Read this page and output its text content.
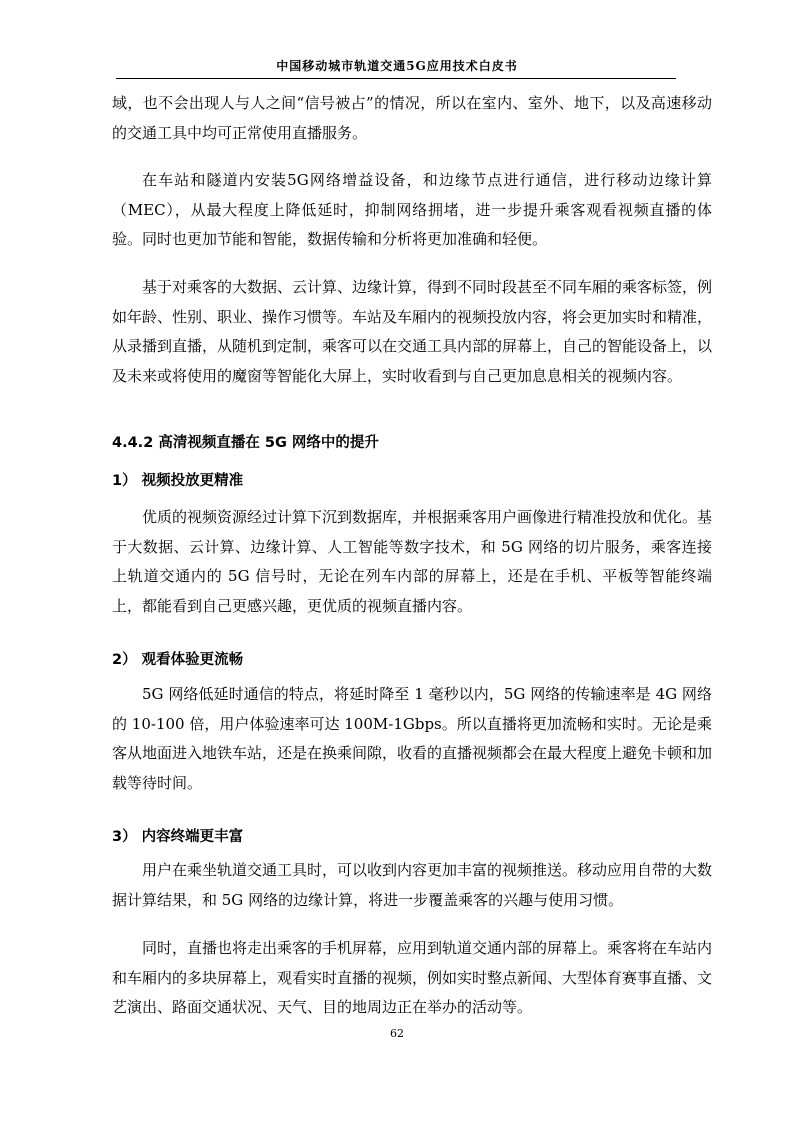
中国移动城市轨道交通5G应用技术白皮书

域，也不会出现人与人之间“信号被占”的情况，所以在室内、室外、地下，以及高速移动的交通工具中均可正常使用直播服务。

在车站和隧道内安装5G网络增益设备，和边缘节点进行通信，进行移动边缘计算（MEC），从最大程度上降低延时，抑制网络拥堵，进一步提升乘客观看视频直播的体验。同时也更加节能和智能，数据传输和分析将更加准确和轻便。

基于对乘客的大数据、云计算、边缘计算，得到不同时段甚至不同车厢的乘客标签，例如年龄、性别、职业、操作习惯等。车站及车厢内的视频投放内容，将会更加实时和精准，从录播到直播，从随机到定制，乘客可以在交通工具内部的屏幕上，自己的智能设备上，以及未来或将使用的魔窗等智能化大屏上，实时收看到与自己更加息息相关的视频内容。

4.4.2 高清视频直播在 5G 网络中的提升
1） 视频投放更精准

优质的视频资源经过计算下沉到数据库，并根据乘客用户画像进行精准投放和优化。基于大数据、云计算、边缘计算、人工智能等数字技术，和 5G 网络的切片服务，乘客连接上轨道交通内的 5G 信号时，无论在列车内部的屏幕上，还是在手机、平板等智能终端上，都能看到自己更感兴趣，更优质的视频直播内容。

2） 观看体验更流畅

5G 网络低延时通信的特点，将延时降至 1 毫秒以内，5G 网络的传输速率是 4G 网络的 10-100 倍，用户体验速率可达 100M-1Gbps。所以直播将更加流畅和实时。无论是乘客从地面进入地铁车站，还是在换乘间隙，收看的直播视频都会在最大程度上避免卡顿和加载等待时间。

3） 内容终端更丰富

用户在乘坐轨道交通工具时，可以收到内容更加丰富的视频推送。移动应用自带的大数据计算结果，和 5G 网络的边缘计算，将进一步覆盖乘客的兴趣与使用习惯。

同时，直播也将走出乘客的手机屏幕，应用到轨道交通内部的屏幕上。乘客将在车站内和车厢内的多块屏幕上，观看实时直播的视频，例如实时整点新闻、大型体育赛事直播、文艺演出、路面交通状况、天气、目的地周边正在举办的活动等。

62
